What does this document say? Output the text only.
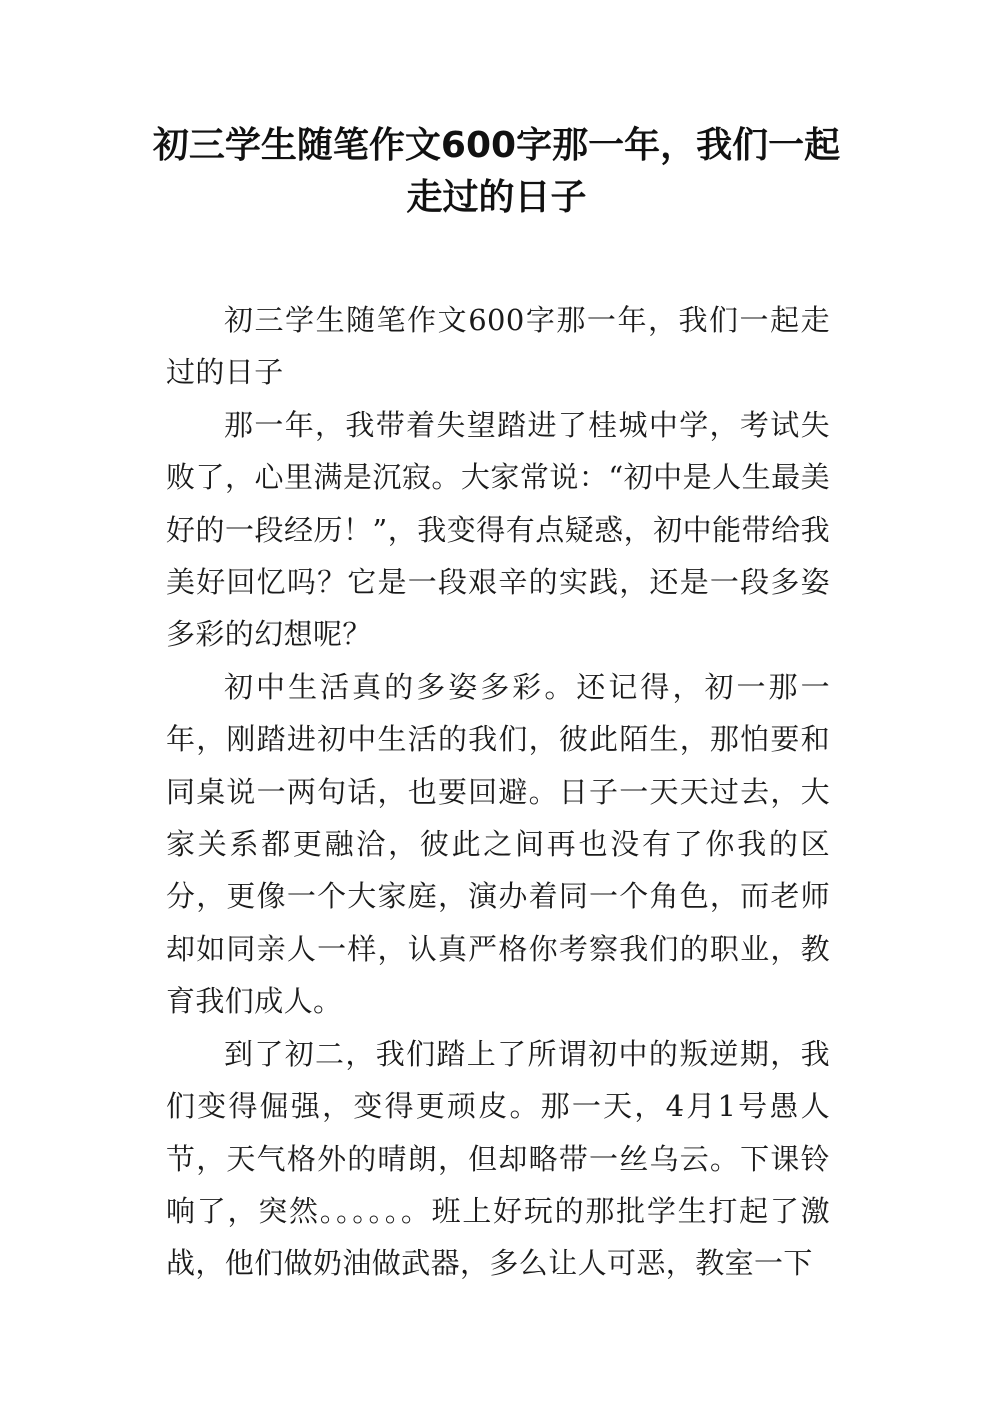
初三学生随笔作文600字那一年，我们一起走过的日子

初三学生随笔作文600字那一年，我们一起走过的日子

那一年，我带着失望踏进了桂城中学，考试失败了，心里满是沉寂。大家常说：“初中是人生最美好的一段经历！”，我变得有点疑惑，初中能带给我美好回忆吗？它是一段艰辛的实践，还是一段多姿多彩的幻想呢？

初中生活真的多姿多彩。还记得，初一那一年，刚踏进初中生活的我们，彼此陌生，那怕要和同桌说一两句话，也要回避。日子一天天过去，大家关系都更融洽，彼此之间再也没有了你我的区分，更像一个大家庭，演办着同一个角色，而老师却如同亲人一样，认真严格你考察我们的职业，教育我们成人。

到了初二，我们踏上了所谓初中的叛逆期，我们变得倔强，变得更顽皮。那一天，4月1号愚人节，天气格外的晴朗，但却略带一丝乌云。下课铃响了，突然。。。。。。班上好玩的那批学生打起了激战，他们做奶油做武器，多么让人可恶，教室一下
